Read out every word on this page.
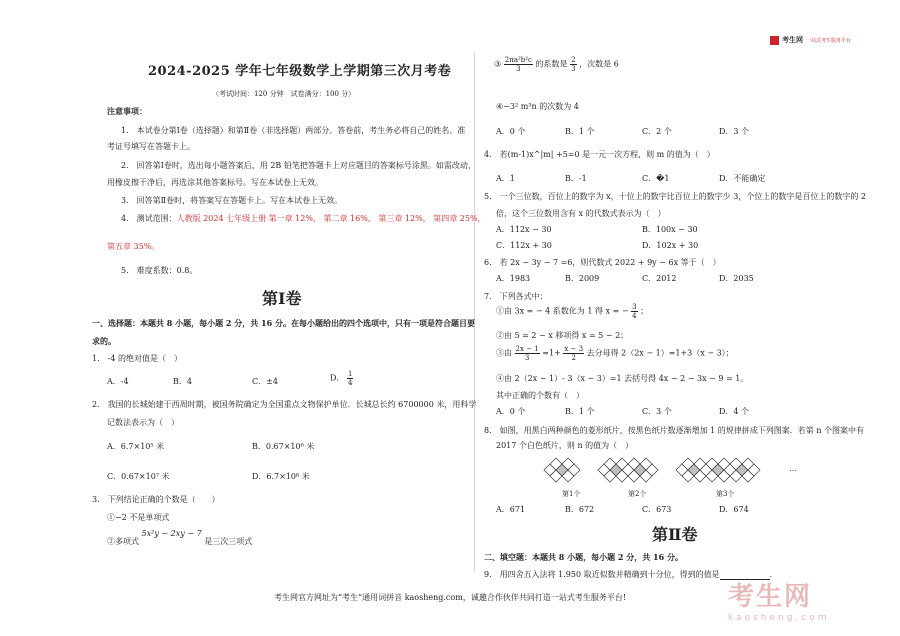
考生网 一站式考生服务平台
2024-2025 学年七年级数学上学期第三次月考卷
（考试时间：120 分钟　试卷满分：100 分）
注意事项：
1.　本试卷分第Ⅰ卷（选择题）和第Ⅱ卷（非选择题）两部分。答卷前，考生务必将自己的姓名、准
考证号填写在答题卡上。
2.　回答第Ⅰ卷时，选出每小题答案后，用 2B 铅笔把答题卡上对应题目的答案标号涂黑。如需改动，
用橡皮擦干净后，再选涂其他答案标号。写在本试卷上无效。
3.　回答第Ⅱ卷时，将答案写在答题卡上。写在本试卷上无效。
4.　测试范围：人教版 2024 七年级上册 第一章 12%， 第二章 16%， 第三章 12%， 第四章 25%，
第五章 35%。
5.　难度系数：0.8。
第Ⅰ卷
一、选择题：本题共 8 小题，每小题 2 分，共 16 分。在每小题给出的四个选项中，只有一项是符合题目要
求的。
1.　-4 的绝对值是（　）
A．-4	B．4	C．±4	D． $\frac{1}{4}$
2.　我国的长城始建于西周时期，被国务院确定为全国重点文物保护单位．长城总长约 6700000 米，用科学
记数法表示为（　）
A．6.7×10⁵ 米	B．0.67×10⁶ 米
C．0.67×10⁷ 米	D．6.7×10⁶ 米
3.　下列结论正确的个数是（　　）
①−2 不是单项式
②多项式 5x²y − 2xy − 7 是三次三项式
③ $\frac{\text{2πa²b²c}}{3}$ 的系数是 $\frac{2}{3}$ ，次数是 6
④−3² m³n 的次数为 4
A．0 个	B．1 个	C．2 个	D．3 个
4.　若(m-1)x^|m| +5=0 是一元一次方程，则 m 的值为（　）
A．1	B．-1	C．�1	D．不能确定
5.　一个三位数，百位上的数字为 x，十位上的数字比百位上的数字少 3，个位上的数字是百位上的数字的 2
倍，这个三位数用含有 x 的代数式表示为（　）
A．112x − 30	B．100x − 30
C．112x + 30	D．102x + 30
6.　若 2x − 3y − 7 =6，则代数式 2022 + 9y − 6x 等于（　）
A．1983	B．2009	C．2012	D．2035
7.　下列各式中：
①由 3x = − 4 系数化为 1 得 x = − $\frac{3}{4}$ ；
②由 5 = 2 − x 移项得 x = 5 − 2；
③由 $\frac{2x - 1}{3} =1+ \frac{x - 3}{2}$ 去分母得 2（2x − 1）=1+3（x − 3）；
④由 2（2x − 1）- 3（x − 3）=1 去括号得 4x − 2 − 3x − 9 = 1。
其中正确的个数有（　）
A．0 个	B．1 个	C．3 个	D．4 个
8.　如图，用黑白两种颜色的菱形纸片，按黑色纸片数逐渐增加 1 的规律拼成下列图案．若第 n 个图案中有
2017 个白色纸片，则 n 的值为（　）
第1个	第2个	第3个
…
A．671	B．672	C．673	D．674
第Ⅱ卷
二、填空题：本题共 8 小题，每小题 2 分，共 16 分。
9.　用四舍五入法将 1.950 取近似数并精确到十分位，得到的值是	.
考生网
kaosheng.com
考生网官方网址为“考生”通用词拼音 kaosheng.com，诚邀合作伙伴共同打造一站式考生服务平台!
